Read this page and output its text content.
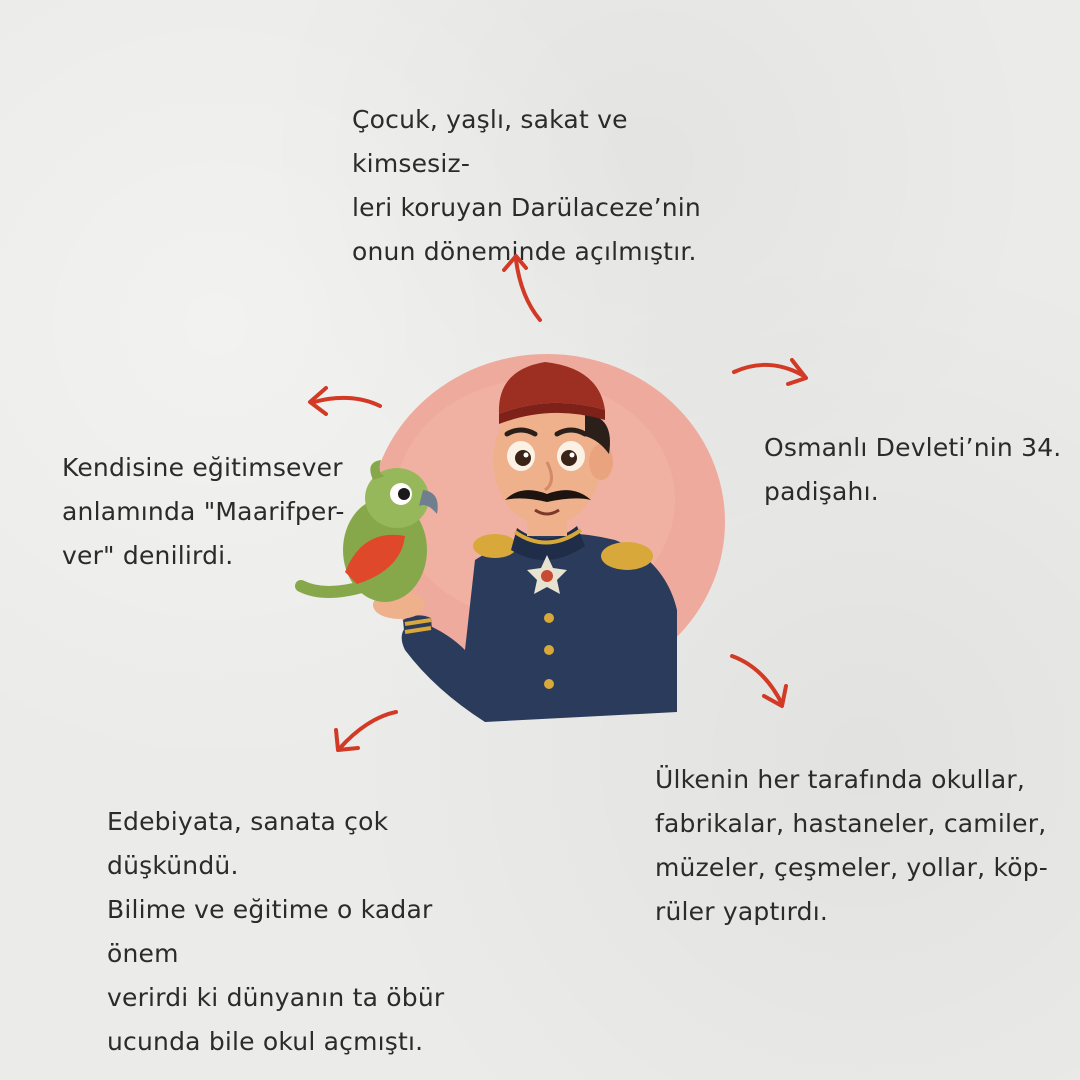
Çocuk, yaşlı, sakat ve kimsesiz-
leri koruyan Darülaceze’nin
onun döneminde açılmıştır.

Osmanlı Devleti’nin 34.
padişahı.

Kendisine eğitimsever
anlamında "Maarifper-
ver" denilirdi.

Edebiyata, sanata çok düşkündü.
Bilime ve eğitime o kadar önem
verirdi ki dünyanın ta öbür
ucunda bile okul açmıştı.

Ülkenin her tarafında okullar,
fabrikalar, hastaneler, camiler,
müzeler, çeşmeler, yollar, köp-
rüler yaptırdı.
